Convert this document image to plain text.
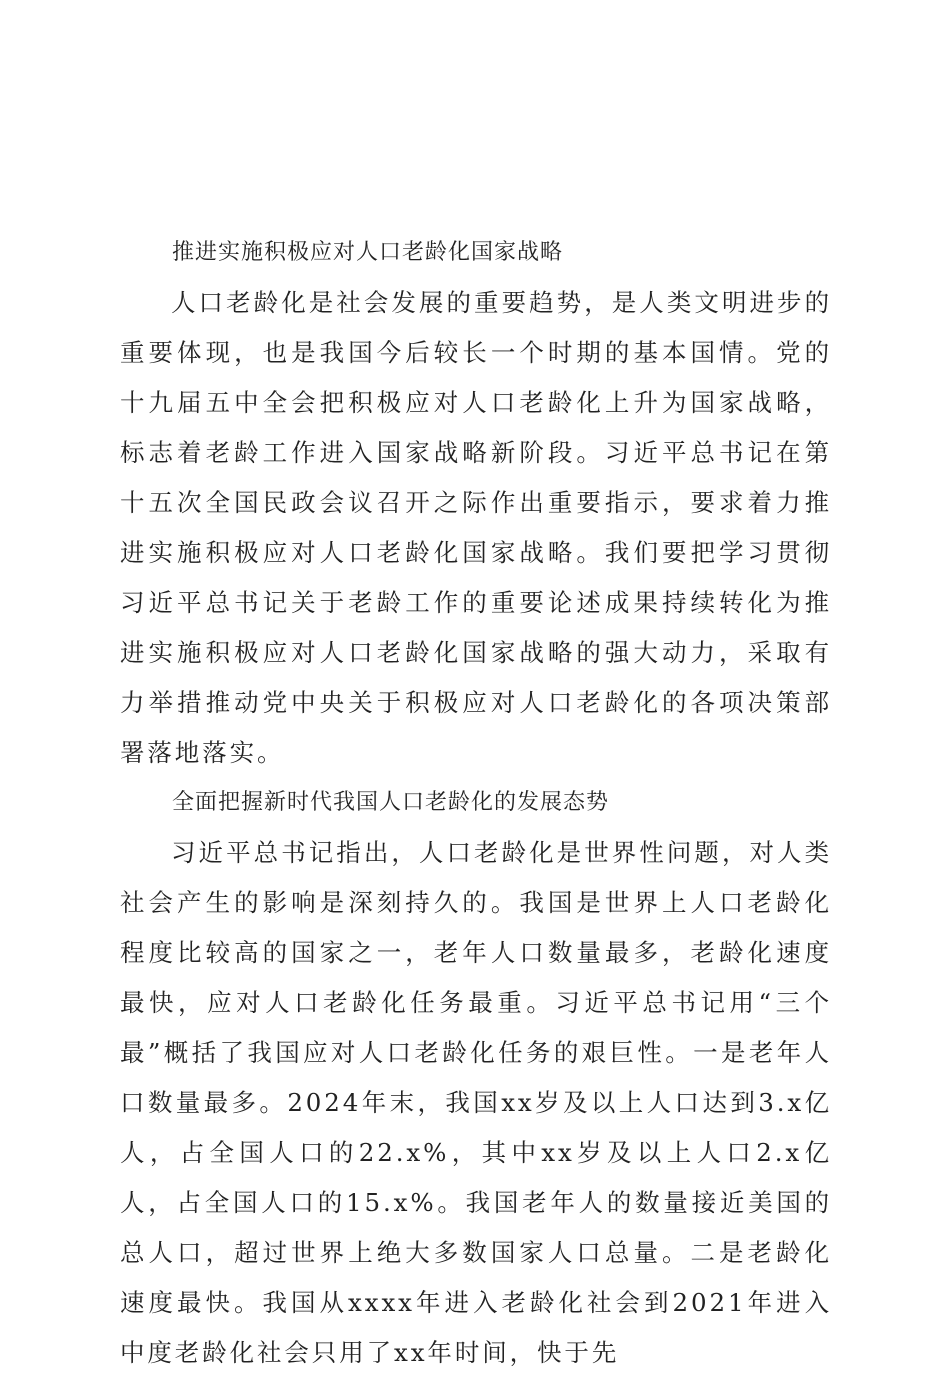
推进实施积极应对人口老龄化国家战略

人口老龄化是社会发展的重要趋势，是人类文明进步的重要体现，也是我国今后较长一个时期的基本国情。党的十九届五中全会把积极应对人口老龄化上升为国家战略，标志着老龄工作进入国家战略新阶段。习近平总书记在第十五次全国民政会议召开之际作出重要指示，要求着力推进实施积极应对人口老龄化国家战略。我们要把学习贯彻习近平总书记关于老龄工作的重要论述成果持续转化为推进实施积极应对人口老龄化国家战略的强大动力，采取有力举措推动党中央关于积极应对人口老龄化的各项决策部署落地落实。

全面把握新时代我国人口老龄化的发展态势

习近平总书记指出，人口老龄化是世界性问题，对人类社会产生的影响是深刻持久的。我国是世界上人口老龄化程度比较高的国家之一，老年人口数量最多，老龄化速度最快，应对人口老龄化任务最重。习近平总书记用“三个最”概括了我国应对人口老龄化任务的艰巨性。一是老年人口数量最多。2024年末，我国xx岁及以上人口达到3.x亿人，占全国人口的22.x%，其中xx岁及以上人口2.x亿人，占全国人口的15.x%。我国老年人的数量接近美国的总人口，超过世界上绝大多数国家人口总量。二是老龄化速度最快。我国从xxxx年进入老龄化社会到2021年进入中度老龄化社会只用了xx年时间，快于先
